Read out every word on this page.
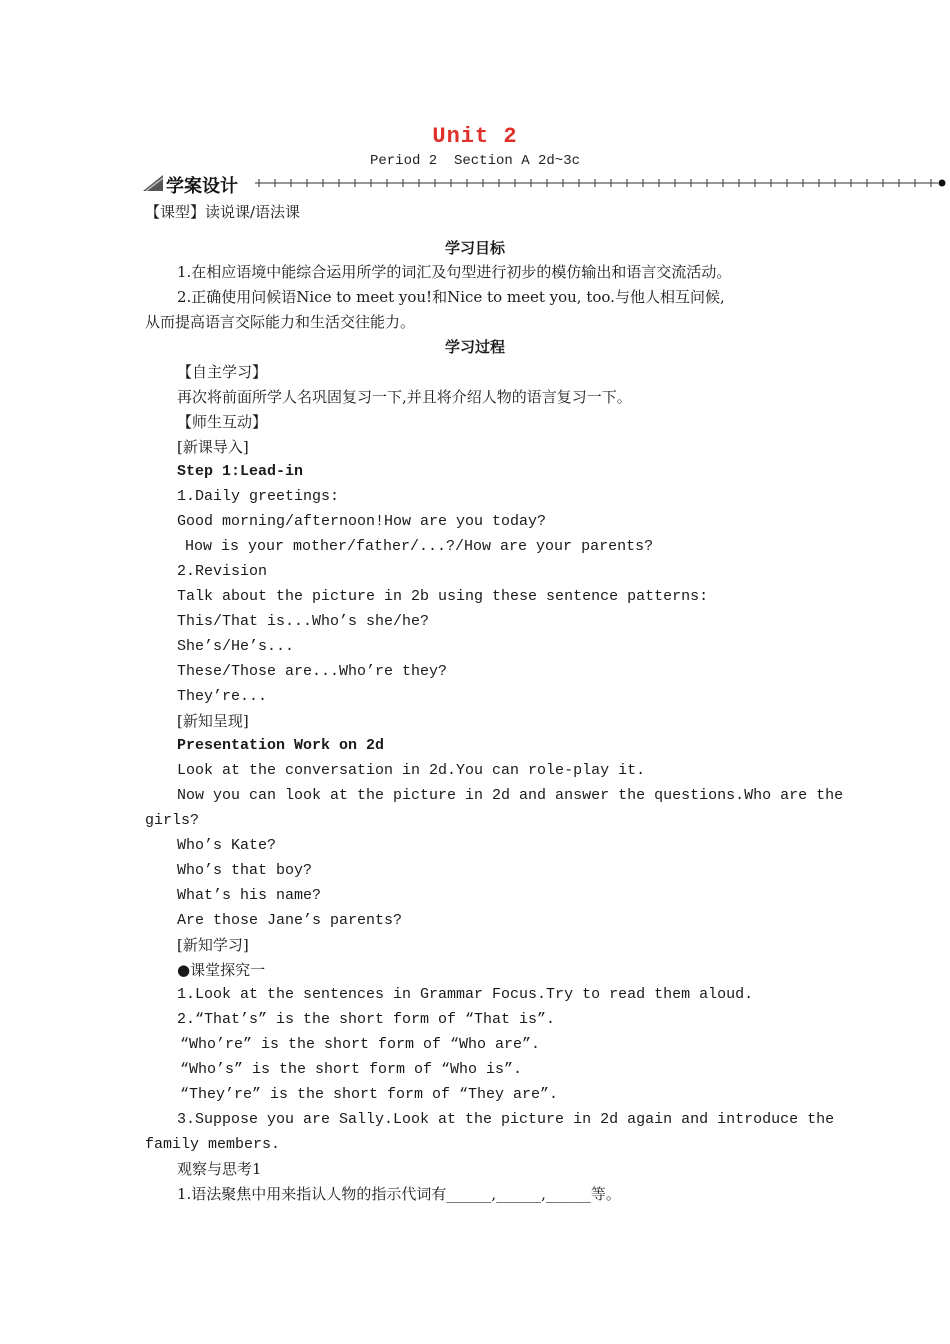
Unit 2
Period 2  Section A 2d~3c
学案设计
【课型】读说课/语法课
学习目标
1.在相应语境中能综合运用所学的词汇及句型进行初步的模仿输出和语言交流活动。
2.正确使用问候语Nice to meet you!和Nice to meet you, too.与他人相互问候,
从而提高语言交际能力和生活交往能力。
学习过程
【自主学习】
再次将前面所学人名巩固复习一下,并且将介绍人物的语言复习一下。
【师生互动】
[新课导入]
Step 1:Lead-in
1.Daily greetings:
Good morning/afternoon!How are you today?
How is your mother/father/...?/How are your parents?
2.Revision
Talk about the picture in 2b using these sentence patterns:
This/That is...Who’s she/he?
She’s/He’s...
These/Those are...Who’re they?
They’re...
[新知呈现]
Presentation Work on 2d
Look at the conversation in 2d.You can role-play it.
Now you can look at the picture in 2d and answer the questions.Who are the
girls?
Who’s Kate?
Who’s that boy?
What’s his name?
Are those Jane’s parents?
[新知学习]
●课堂探究一
1.Look at the sentences in Grammar Focus.Try to read them aloud.
2.“That’s” is the short form of “That is”.
“Who’re” is the short form of “Who are”.
“Who’s” is the short form of “Who is”.
“They’re” is the short form of “They are”.
3.Suppose you are Sally.Look at the picture in 2d again and introduce the
family members.
观察与思考1
1.语法聚焦中用来指认人物的指示代词有______,______,______等。
